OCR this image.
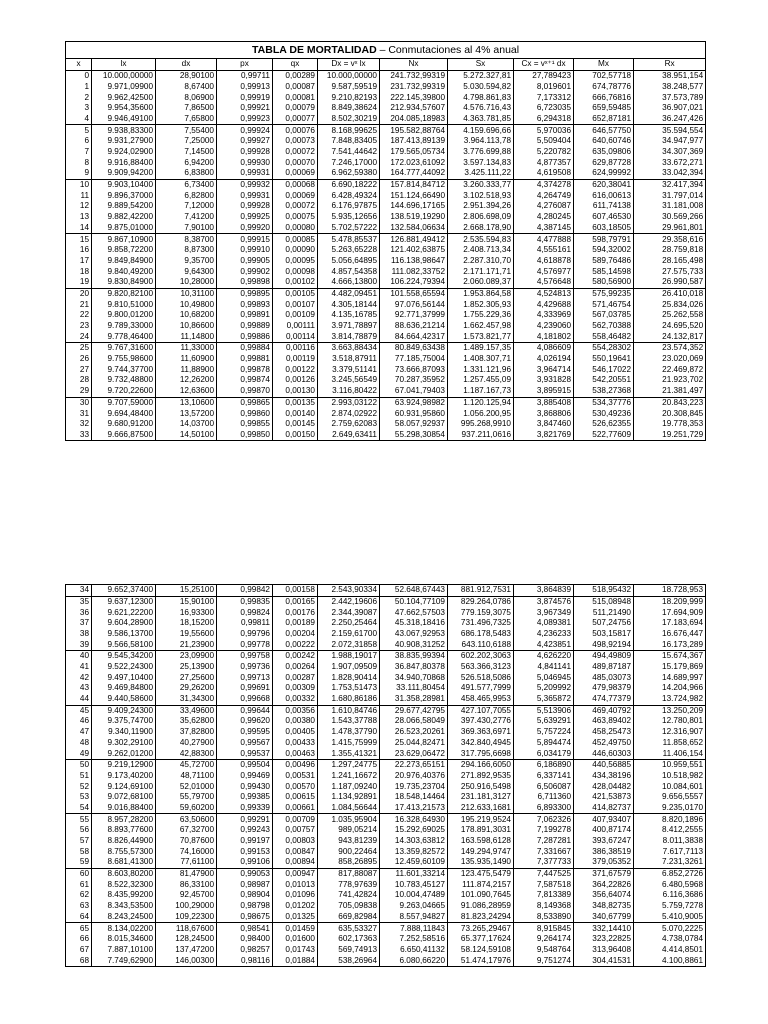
TABLA DE MORTALIDAD – Conmutaciones al 4% anual										
x	lx	dx	px	qx	Dx = vˣ lx	Nx	Sx	Cx = vˣ⁺¹ dx	Mx	Rx
0	10.000,00000	28,90100	0,99711	0,00289	10.000,00000	241.732,99319	5.272.327,81	27,789423	702,57718	38.951,154
1	9.971,09900	8,67400	0,99913	0,00087	9.587,59519	231.732,99319	5.030.594,82	8,019601	674,78776	38.248,577
2	9.962,42500	8,06900	0,99919	0,00081	9.210,82193	222.145,39800	4.798.861,83	7,173312	666,76816	37.573,789
3	9.954,35600	7,86500	0,99921	0,00079	8.849,38624	212.934,57607	4.576.716,43	6,723035	659,59485	36.907,021
4	9.946,49100	7,65800	0,99923	0,00077	8.502,30219	204.085,18983	4.363.781,85	6,294318	652,87181	36.247,426
5	9.938,83300	7,55400	0,99924	0,00076	8.168,99625	195.582,88764	4.159.696,66	5,970036	646,57750	35.594,554
6	9.931,27900	7,25000	0,99927	0,00073	7.848,83405	187.413,89139	3.964.113,78	5,509404	640,60746	34.947,977
7	9.924,02900	7,14500	0,99928	0,00072	7.541,44642	179.565,05734	3.776.699,88	5,220782	635,09806	34.307,369
8	9.916,88400	6,94200	0,99930	0,00070	7.246,17000	172.023,61092	3.597.134,83	4,877357	629,87728	33.672,271
9	9.909,94200	6,83800	0,99931	0,00069	6.962,59380	164.777,44092	3.425.111,22	4,619508	624,99992	33.042,394
10	9.903,10400	6,73400	0,99932	0,00068	6.690,18222	157.814,84712	3.260.333,77	4,374278	620,38041	32.417,394
11	9.896,37000	6,82800	0,99931	0,00069	6.428,49324	151.124,66490	3.102.518,93	4,264749	616,00613	31.797,014
12	9.889,54200	7,12000	0,99928	0,00072	6.176,97875	144.696,17165	2.951.394,26	4,276087	611,74138	31.181,008
13	9.882,42200	7,41200	0,99925	0,00075	5.935,12656	138.519,19290	2.806.698,09	4,280245	607,46530	30.569,266
14	9.875,01000	7,90100	0,99920	0,00080	5.702,57222	132.584,06634	2.668.178,90	4,387145	603,18505	29.961,801
15	9.867,10900	8,38700	0,99915	0,00085	5.478,85537	126.881,49412	2.535.594,83	4,477888	598,79791	29.358,616
16	9.858,72200	8,87300	0,99910	0,00090	5.263,65228	121.402,63875	2.408.713,34	4,555161	594,32002	28.759,818
17	9.849,84900	9,35700	0,99905	0,00095	5.056,64895	116.138,98647	2.287.310,70	4,618878	589,76486	28.165,498
18	9.840,49200	9,64300	0,99902	0,00098	4.857,54358	111.082,33752	2.171.171,71	4,576977	585,14598	27.575,733
19	9.830,84900	10,28000	0,99898	0,00102	4.666,13800	106.224,79394	2.060.089,37	4,576648	580,56900	26.990,587
20	9.820,82100	10,31100	0,99895	0,00105	4.482,09451	101.558,65594	1.953.864,58	4,524813	575,99235	26.410,018
21	9.810,51000	10,49800	0,99893	0,00107	4.305,18144	97.076,56144	1.852.305,93	4,429688	571,46754	25.834,026
22	9.800,01200	10,68200	0,99891	0,00109	4.135,16785	92.771,37999	1.755.229,36	4,333969	567,03785	25.262,558
23	9.789,33000	10,86600	0,99889	0,00111	3.971,78897	88.636,21214	1.662.457,98	4,239060	562,70388	24.695,520
24	9.778,46400	11,14800	0,99886	0,00114	3.814,78879	84.664,42317	1.573.821,77	4,181802	558,46482	24.132,817
25	9.767,31600	11,33000	0,99884	0,00116	3.663,88434	80.849,63438	1.489.157,35	4,086609	554,28302	23.574,352
26	9.755,98600	11,60900	0,99881	0,00119	3.518,87911	77.185,75004	1.408.307,71	4,026194	550,19641	23.020,069
27	9.744,37700	11,88900	0,99878	0,00122	3.379,51141	73.666,87093	1.331.121,96	3,964714	546,17022	22.469,872
28	9.732,48800	12,26200	0,99874	0,00126	3.245,56549	70.287,35952	1.257.455,09	3,931828	542,20551	21.923,702
29	9.720,22600	12,63600	0,99870	0,00130	3.116,80422	67.041,79403	1.187.167,73	3,895915	538,27368	21.381,497
30	9.707,59000	13,10600	0,99865	0,00135	2.993,03122	63.924,98982	1.120.125,94	3,885408	534,37776	20.843,223
31	9.694,48400	13,57200	0,99860	0,00140	2.874,02922	60.931,95860	1.056.200,95	3,868806	530,49236	20.308,845
32	9.680,91200	14,03700	0,99855	0,00145	2.759,62083	58.057,92937	995.268,9910	3,847460	526,62355	19.778,353
33	9.666,87500	14,50100	0,99850	0,00150	2.649,63411	55.298,30854	937.211,0616	3,821769	522,77609	19.251,729
34	9.652,37400	15,25100	0,99842	0,00158	2.543,90334	52.648,67443	881.912,7531	3,864839	518,95432	18.728,953
35	9.637,12300	15,90100	0,99835	0,00165	2.442,19606	50.104,77109	829.264,0786	3,874576	515,08948	18.209,999
36	9.621,22200	16,93300	0,99824	0,00176	2.344,39087	47.662,57503	779.159,3075	3,967349	511,21490	17.694,909
37	9.604,28900	18,15200	0,99811	0,00189	2.250,25464	45.318,18416	731.496,7325	4,089381	507,24756	17.183,694
38	9.586,13700	19,55600	0,99796	0,00204	2.159,61700	43.067,92953	686.178,5483	4,236233	503,15817	16.676,447
39	9.566,58100	21,23900	0,99778	0,00222	2.072,31858	40.908,31252	643.110,6188	4,423851	498,92194	16.173,289
40	9.545,34200	23,09900	0,99758	0,00242	1.988,19017	38.835,99394	602.202,3063	4,626220	494,49809	15.674,367
41	9.522,24300	25,13900	0,99736	0,00264	1.907,09509	36.847,80378	563.366,3123	4,841141	489,87187	15.179,869
42	9.497,10400	27,25600	0,99713	0,00287	1.828,90414	34.940,70868	526.518,5086	5,046945	485,03073	14.689,997
43	9.469,84800	29,26200	0,99691	0,00309	1.753,51473	33.111,80454	491.577,7999	5,209992	479,98379	14.204,966
44	9.440,58600	31,34300	0,99668	0,00332	1.680,86186	31.358,28981	458.465,9953	5,365872	474,77379	13.724,982
45	9.409,24300	33,49600	0,99644	0,00356	1.610,84746	29.677,42795	427.107,7055	5,513906	469,40792	13.250,209
46	9.375,74700	35,62800	0,99620	0,00380	1.543,37788	28.066,58049	397.430,2776	5,639291	463,89402	12.780,801
47	9.340,11900	37,82800	0,99595	0,00405	1.478,37790	26.523,20261	369.363,6971	5,757224	458,25473	12.316,907
48	9.302,29100	40,27900	0,99567	0,00433	1.415,75999	25.044,82471	342.840,4945	5,894474	452,49750	11.858,652
49	9.262,01200	42,88300	0,99537	0,00463	1.355,41321	23.629,06472	317.795,6698	6,034179	446,60303	11.406,154
50	9.219,12900	45,72700	0,99504	0,00496	1.297,24775	22.273,65151	294.166,6050	6,186890	440,56885	10.959,551
51	9.173,40200	48,71100	0,99469	0,00531	1.241,16672	20.976,40376	271.892,9535	6,337141	434,38196	10.518,982
52	9.124,69100	52,01000	0,99430	0,00570	1.187,09240	19.735,23704	250.916,5498	6,506087	428,04482	10.084,601
53	9.072,68100	55,79700	0,99385	0,00615	1.134,92891	18.548,14464	231.181,3127	6,711360	421,53873	9.656,5557
54	9.016,88400	59,60200	0,99339	0,00661	1.084,56644	17.413,21573	212.633,1681	6,893300	414,82737	9.235,0170
55	8.957,28200	63,50600	0,99291	0,00709	1.035,95904	16.328,64930	195.219,9524	7,062326	407,93407	8.820,1896
56	8.893,77600	67,32700	0,99243	0,00757	989,05214	15.292,69025	178.891,3031	7,199278	400,87174	8.412,2555
57	8.826,44900	70,87600	0,99197	0,00803	943,81239	14.303,63812	163.598,6128	7,287281	393,67247	8.011,3838
58	8.755,57300	74,16000	0,99153	0,00847	900,22464	13.359,82572	149.294,9747	7,331667	386,38519	7.617,7113
59	8.681,41300	77,61100	0,99106	0,00894	858,26895	12.459,60109	135.935,1490	7,377733	379,05352	7.231,3261
60	8.603,80200	81,47900	0,99053	0,00947	817,88087	11.601,33214	123.475,5479	7,447525	371,67579	6.852,2726
61	8.522,32300	86,33100	0,98987	0,01013	778,97639	10.783,45127	111.874,2157	7,587518	364,22826	6.480,5968
62	8.435,99200	92,45700	0,98904	0,01096	741,42824	10.004,47489	101.090,7645	7,813389	356,64074	6.116,3686
63	8.343,53500	100,29000	0,98798	0,01202	705,09838	9.263,04665	91.086,28959	8,149368	348,82735	5.759,7278
64	8.243,24500	109,22300	0,98675	0,01325	669,82984	8.557,94827	81.823,24294	8,533890	340,67799	5.410,9005
65	8.134,02200	118,67600	0,98541	0,01459	635,53327	7.888,11843	73.265,29467	8,915845	332,14410	5.070,2225
66	8.015,34600	128,24500	0,98400	0,01600	602,17363	7.252,58516	65.377,17624	9,264174	323,22825	4.738,0784
67	7.887,10100	137,47200	0,98257	0,01743	569,74913	6.650,41132	58.124,59108	9,548764	313,96408	4.414,8501
68	7.749,62900	146,00300	0,98116	0,01884	538,26964	6.080,66220	51.474,17976	9,751274	304,41531	4.100,8861
